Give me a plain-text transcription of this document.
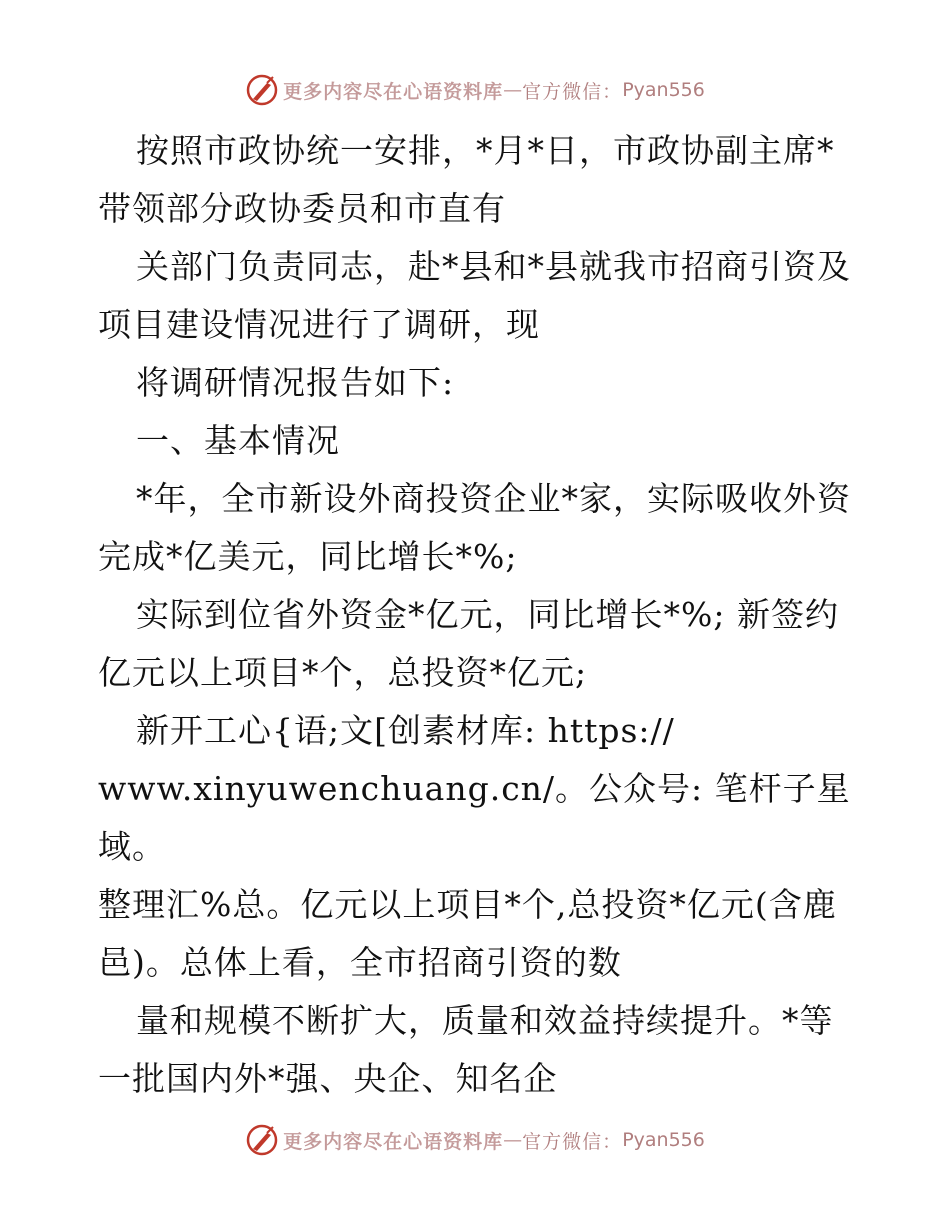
更多内容尽在心语资料库 — 官方微信： Pyan556
按照市政协统一安排，*月*日，市政协副主席*
带领部分政协委员和市直有
关部门负责同志，赴*县和*县就我市招商引资及
项目建设情况进行了调研，现
将调研情况报告如下:
一、基本情况
*年，全市新设外商投资企业*家，实际吸收外资
完成*亿美元，同比增长*%;
实际到位省外资金*亿元，同比增长*%; 新签约
亿元以上项目*个，总投资*亿元;
新开工心{语;文[创素材库: https://
www.xinyuwenchuang.cn/。公众号: 笔杆子星域。
整理汇%总。亿元以上项目*个,总投资*亿元(含鹿
邑)。总体上看，全市招商引资的数
量和规模不断扩大，质量和效益持续提升。*等
一批国内外*强、央企、知名企
更多内容尽在心语资料库 — 官方微信： Pyan556
